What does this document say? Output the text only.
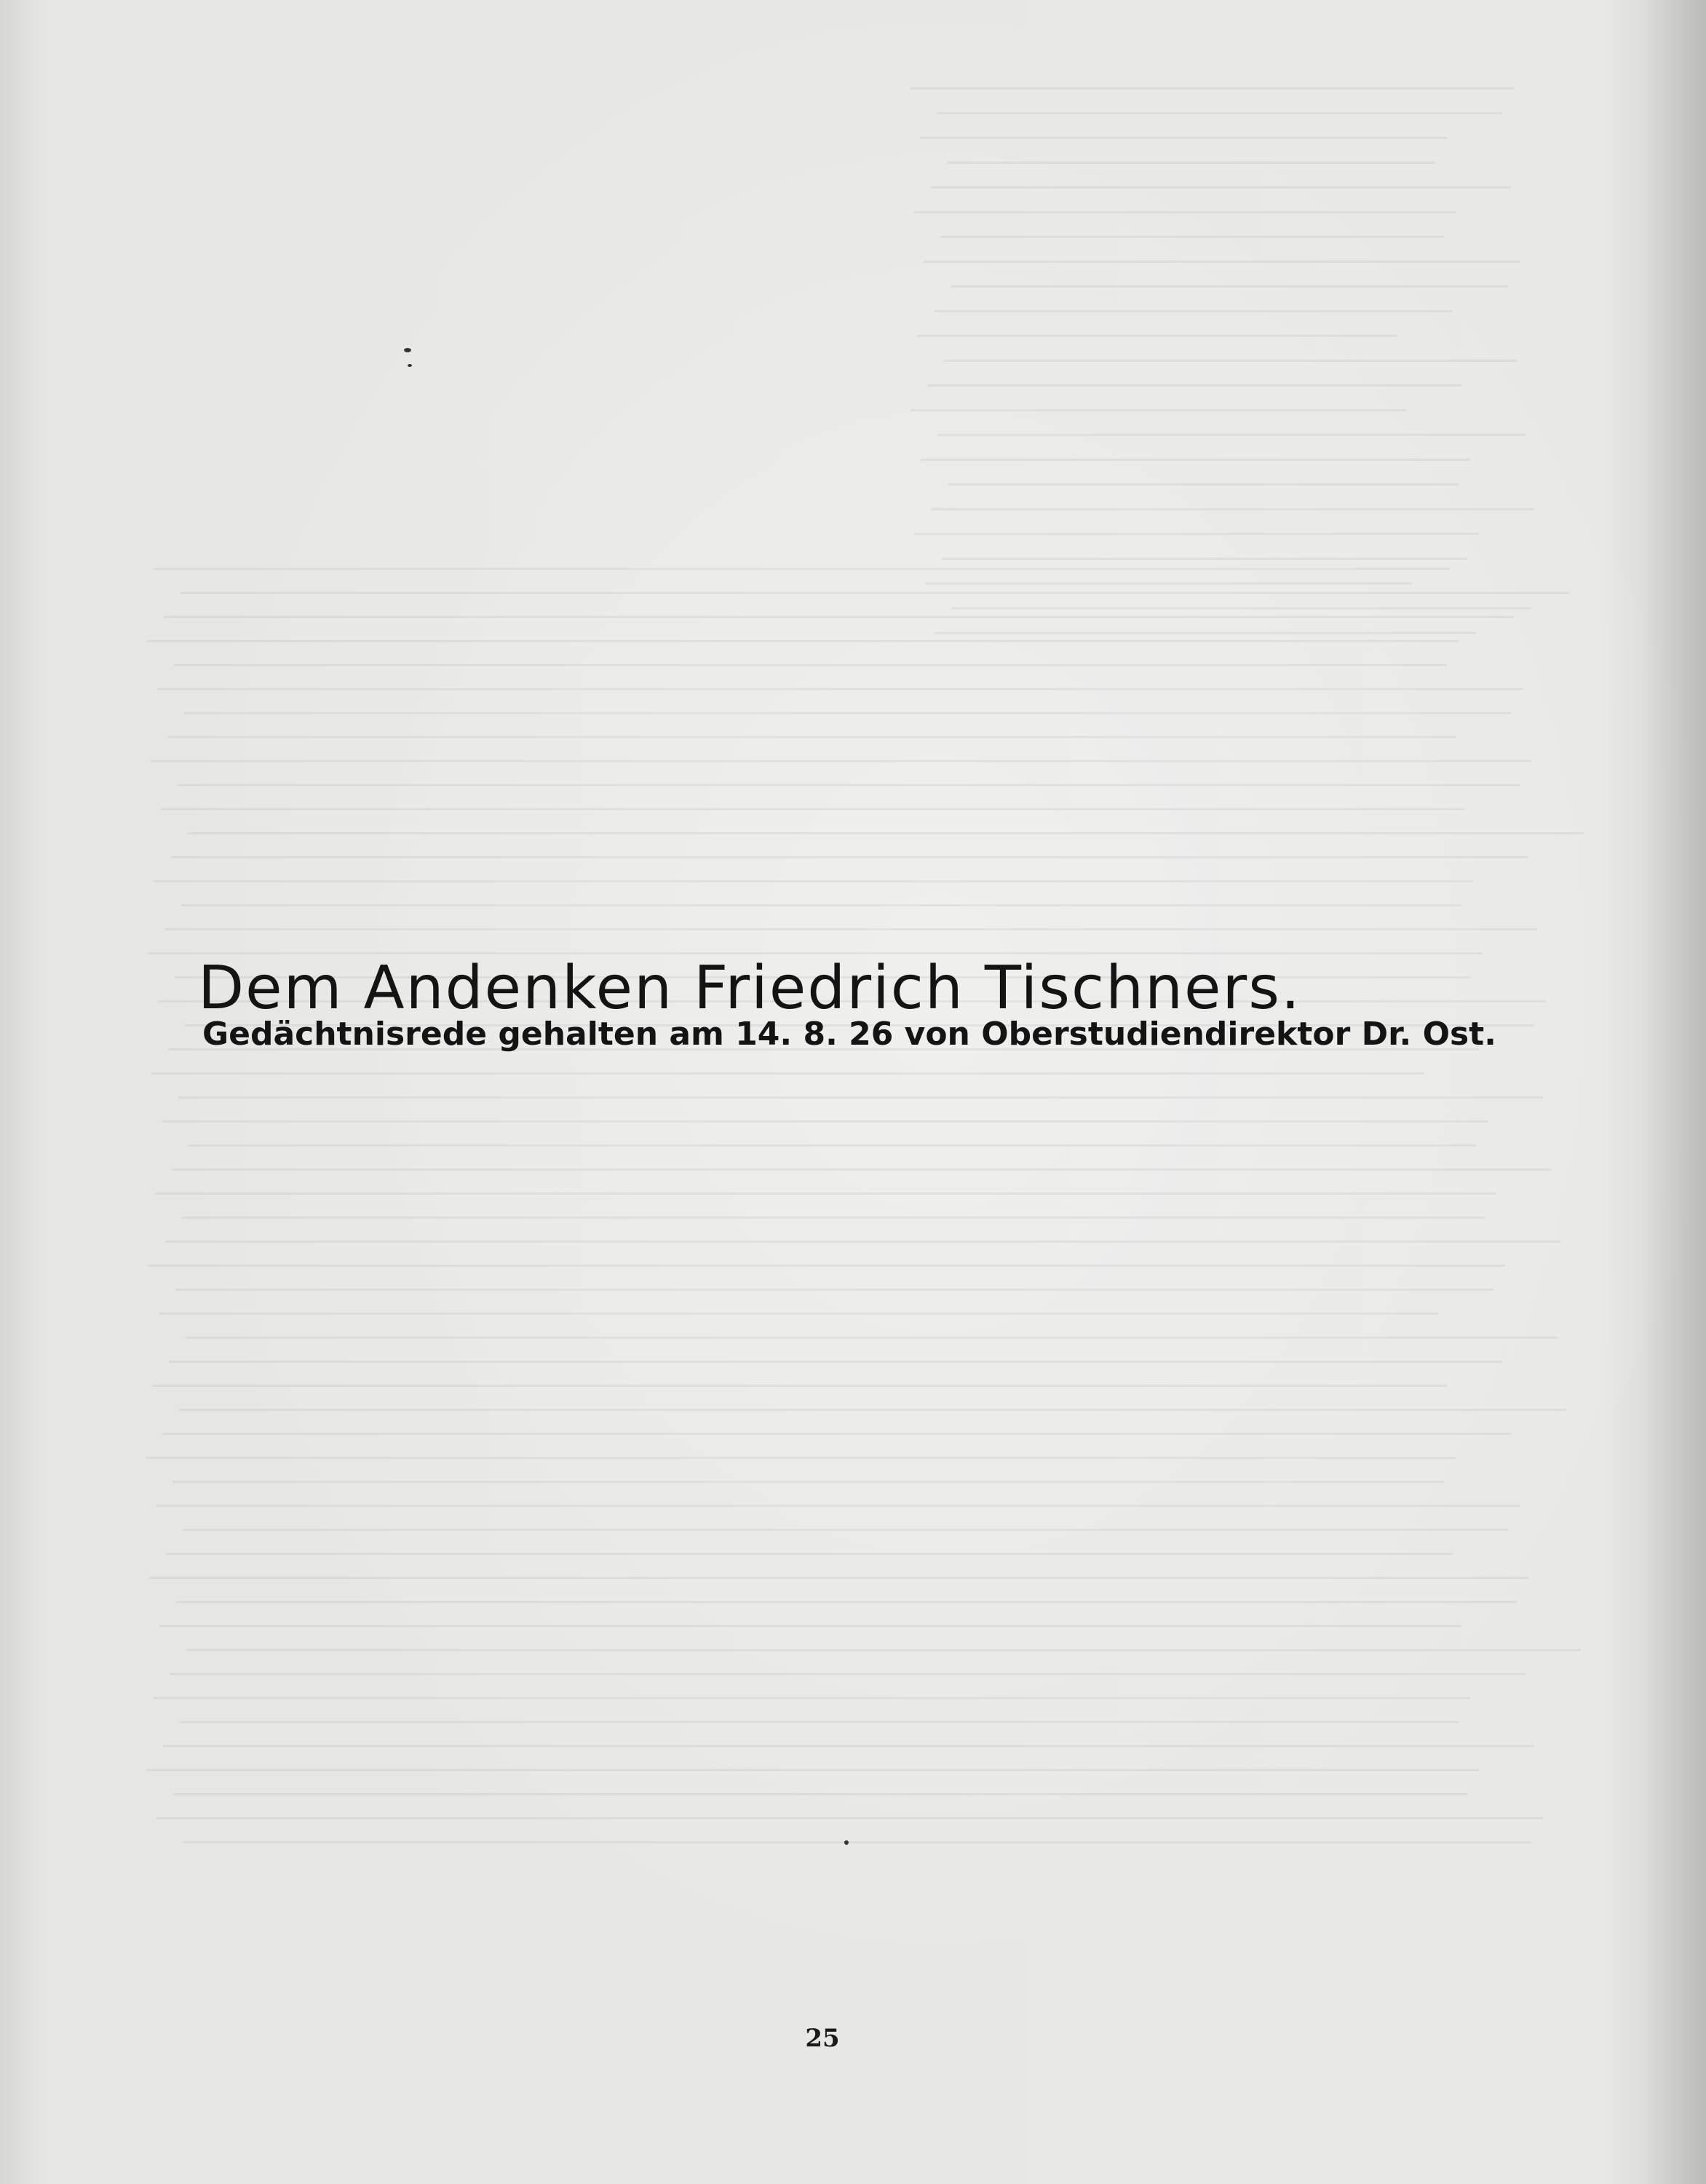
Dem Andenken Friedrich Tischners.
Gedächtnisrede gehalten am 14. 8. 26 von Oberstudiendirektor Dr. Ost.
25
